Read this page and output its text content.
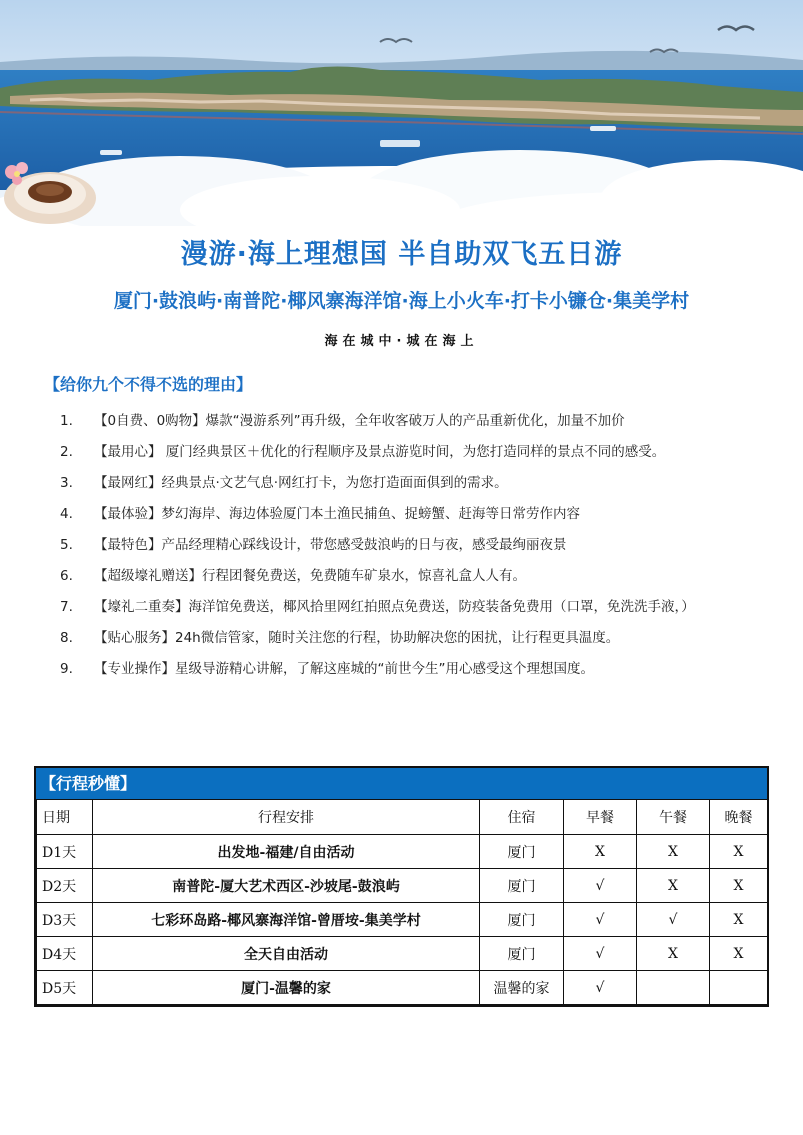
漫游·海上理想国 半自助双飞五日游
厦门·鼓浪屿·南普陀·椰风寨海洋馆·海上小火车·打卡小镰仓·集美学村
海在城中·城在海上
【给你九个不得不选的理由】
1.	【0自费、0购物】爆款“漫游系列”再升级，全年收客破万人的产品重新优化，加量不加价
2.	【最用心】 厦门经典景区＋优化的行程顺序及景点游览时间，为您打造同样的景点不同的感受。
3.	【最网红】经典景点·文艺气息·网红打卡，为您打造面面俱到的需求。
4.	【最体验】梦幻海岸、海边体验厦门本土渔民捕鱼、捉螃蟹、赶海等日常劳作内容
5.	【最特色】产品经理精心踩线设计，带您感受鼓浪屿的日与夜，感受最绚丽夜景
6.	【超级壕礼赠送】行程团餐免费送，免费随车矿泉水，惊喜礼盒人人有。
7.	【壕礼二重奏】海洋馆免费送，椰风拾里网红拍照点免费送，防疫装备免费用（口罩，免洗洗手液，）
8.	【贴心服务】24h微信管家，随时关注您的行程，协助解决您的困扰，让行程更具温度。
9.	【专业操作】星级导游精心讲解，了解这座城的“前世今生”用心感受这个理想国度。
【行程秒懂】
日期	行程安排	住宿	早餐	午餐	晚餐
D1天	出发地-福建/自由活动	厦门	X	X	X
D2天	南普陀-厦大艺术西区-沙坡尾-鼓浪屿	厦门	√	X	X
D3天	七彩环岛路-椰风寨海洋馆-曾厝垵-集美学村	厦门	√	√	X
D4天	全天自由活动	厦门	√	X	X
D5天	厦门-温馨的家	温馨的家	√		
